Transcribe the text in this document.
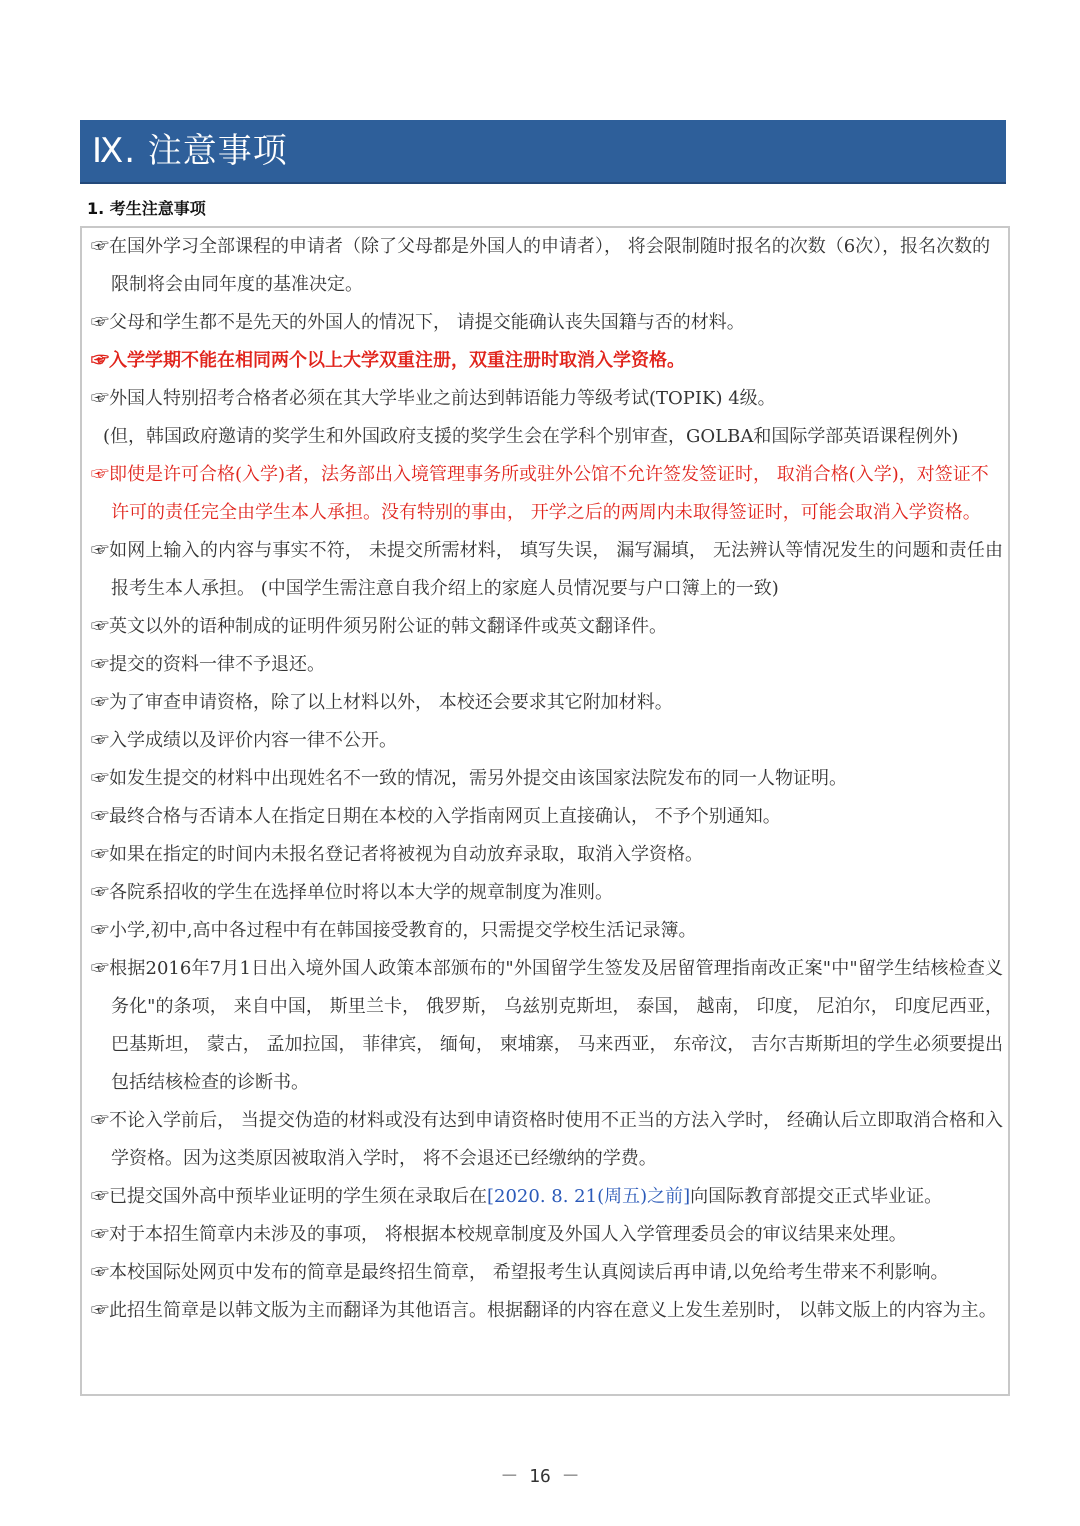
Ⅸ. 注意事项
1. 考生注意事项
☞在国外学习全部课程的申请者（除了父母都是外国人的申请者）， 将会限制随时报名的次数（6次），报名次数的限制将会由同年度的基准决定。
☞父母和学生都不是先天的外国人的情况下， 请提交能确认丧失国籍与否的材料。
☞入学学期不能在相同两个以上大学双重注册，双重注册时取消入学资格。
☞外国人特别招考合格者必须在其大学毕业之前达到韩语能力等级考试(TOPIK) 4级。
(但，韩国政府邀请的奖学生和外国政府支援的奖学生会在学科个别审查，GOLBA和国际学部英语课程例外)
☞即使是许可合格(入学)者，法务部出入境管理事务所或驻外公馆不允许签发签证时， 取消合格(入学)，对签证不许可的责任完全由学生本人承担。没有特别的事由， 开学之后的两周内未取得签证时，可能会取消入学资格。
☞如网上输入的内容与事实不符， 未提交所需材料， 填写失误， 漏写漏填， 无法辨认等情况发生的问题和责任由报考生本人承担。 (中国学生需注意自我介绍上的家庭人员情况要与户口簿上的一致)
☞英文以外的语种制成的证明件须另附公证的韩文翻译件或英文翻译件。
☞提交的资料一律不予退还。
☞为了审查申请资格，除了以上材料以外， 本校还会要求其它附加材料。
☞入学成绩以及评价内容一律不公开。
☞如发生提交的材料中出现姓名不一致的情况，需另外提交由该国家法院发布的同一人物证明。
☞最终合格与否请本人在指定日期在本校的入学指南网页上直接确认， 不予个别通知。
☞如果在指定的时间内未报名登记者将被视为自动放弃录取，取消入学资格。
☞各院系招收的学生在选择单位时将以本大学的规章制度为准则。
☞小学,初中,高中各过程中有在韩国接受教育的，只需提交学校生活记录簿。
☞根据2016年7月1日出入境外国人政策本部颁布的"外国留学生签发及居留管理指南改正案"中"留学生结核检查义务化"的条项， 来自中国， 斯里兰卡， 俄罗斯， 乌兹别克斯坦， 泰国， 越南， 印度， 尼泊尔， 印度尼西亚， 巴基斯坦， 蒙古， 孟加拉国， 菲律宾， 缅甸， 柬埔寨， 马来西亚， 东帝汶， 吉尔吉斯斯坦的学生必须要提出包括结核检查的诊断书。
☞不论入学前后， 当提交伪造的材料或没有达到申请资格时使用不正当的方法入学时， 经确认后立即取消合格和入学资格。因为这类原因被取消入学时， 将不会退还已经缴纳的学费。
☞已提交国外高中预毕业证明的学生须在录取后在[2020. 8. 21(周五)之前]向国际教育部提交正式毕业证。
☞对于本招生简章内未涉及的事项， 将根据本校规章制度及外国人入学管理委员会的审议结果来处理。
☞本校国际处网页中发布的简章是最终招生简章， 希望报考生认真阅读后再申请,以免给考生带来不利影响。
☞此招生简章是以韩文版为主而翻译为其他语言。根据翻译的内容在意义上发生差别时， 以韩文版上的内容为主。
－ 16 －
